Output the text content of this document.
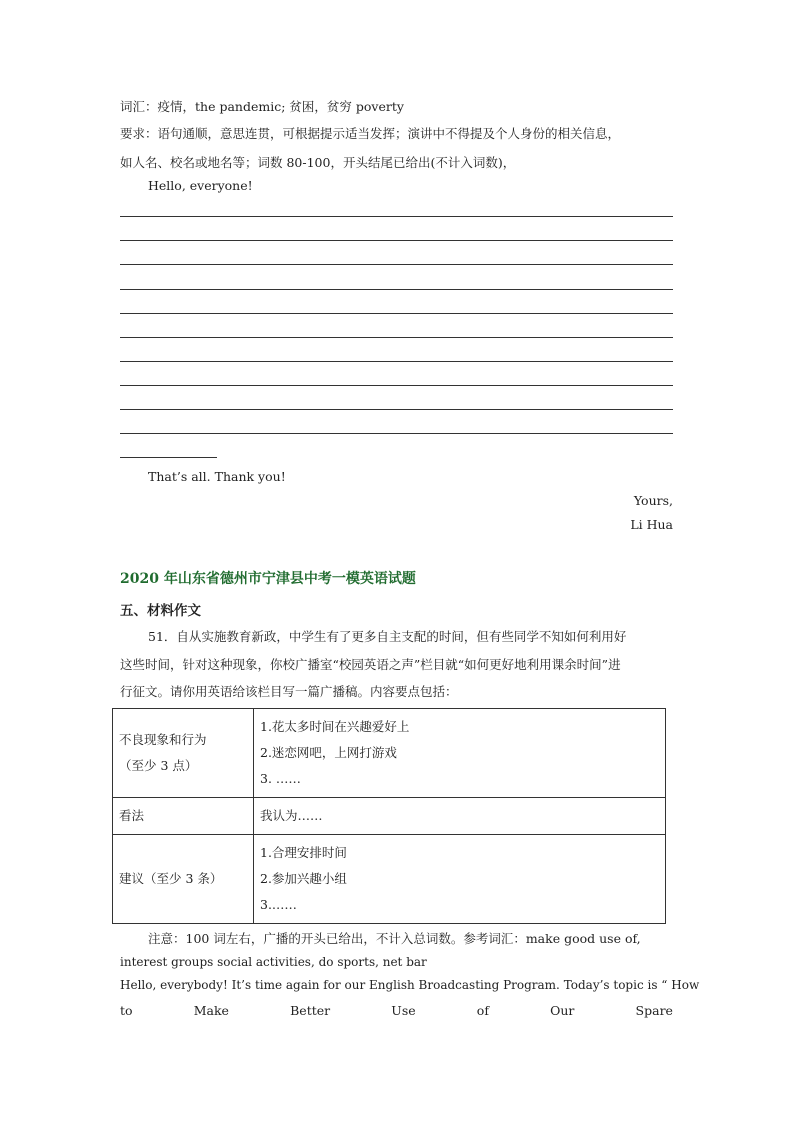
词汇：疫情，the pandemic; 贫困，贫穷 poverty
要求：语句通顺，意思连贯，可根据提示适当发挥；演讲中不得提及个人身份的相关信息，
如人名、校名或地名等；词数 80-100，开头结尾已给出(不计入词数)，
Hello, everyone!
That’s all. Thank you!
Yours,
Li Hua
2020 年山东省德州市宁津县中考一模英语试题
五、材料作文
51．自从实施教育新政，中学生有了更多自主支配的时间，但有些同学不知如何利用好
这些时间，针对这种现象，你校广播室“校园英语之声”栏目就“如何更好地利用课余时间”进
行征文。请你用英语给该栏目写一篇广播稿。内容要点包括：
不良现象和行为
（至少 3 点）	1.花太多时间在兴趣爱好上
2.迷恋网吧，上网打游戏
3. ……

看法	我认为……

建议（至少 3 条）	1.合理安排时间
2.参加兴趣小组
3.……
注意：100 词左右，广播的开头已给出，不计入总词数。参考词汇：make good use of,
interest groups social activities, do sports, net bar
Hello, everybody! It’s time again for our English Broadcasting Program. Today’s topic is “ How
to	Make	Better	Use	of	Our	Spare
